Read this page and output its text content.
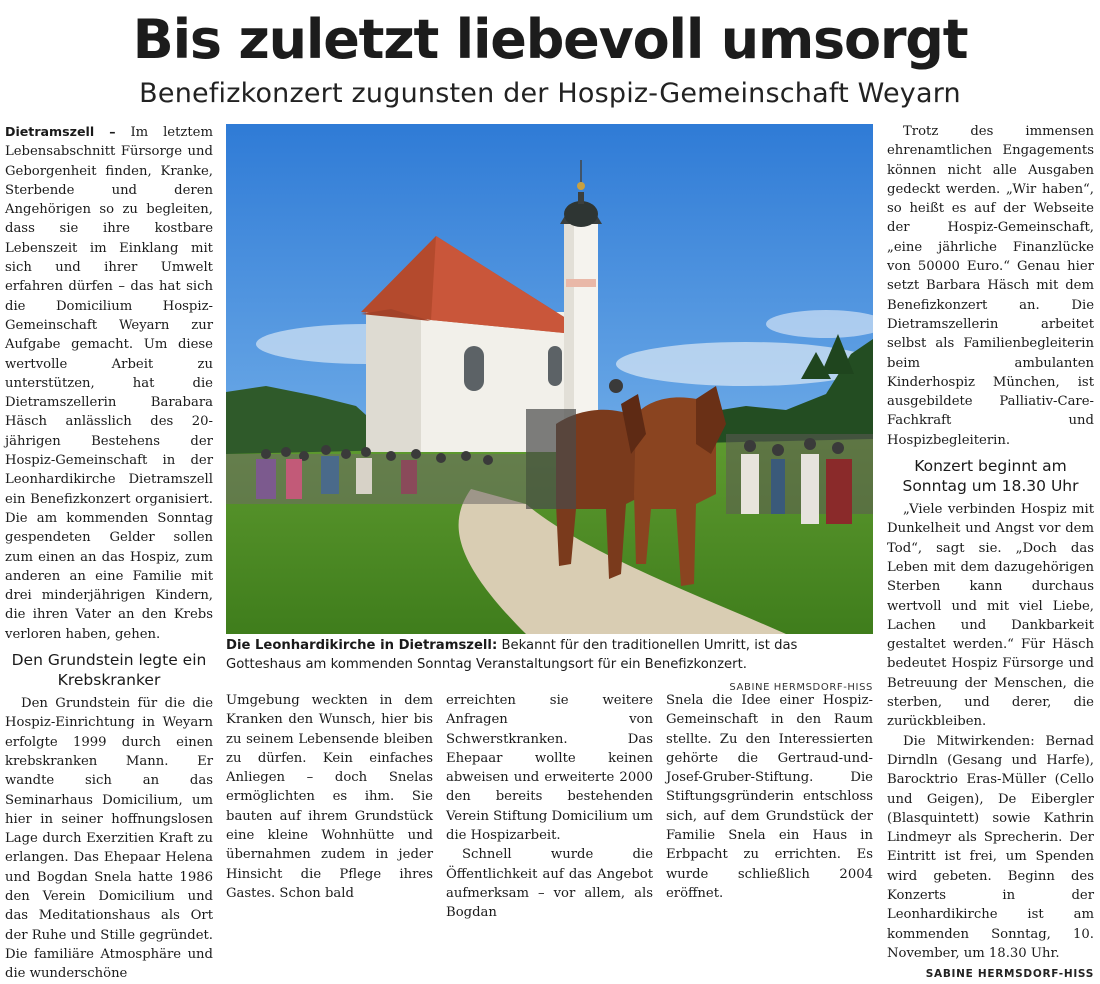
Bis zuletzt liebevoll umsorgt
Benefizkonzert zugunsten der Hospiz-Gemeinschaft Weyarn

Dietramszell – Im letztem Lebensabschnitt Fürsorge und Geborgenheit finden, Kranke, Sterbende und deren Angehörigen so zu begleiten, dass sie ihre kostbare Lebenszeit im Einklang mit sich und ihrer Umwelt erfahren dürfen – das hat sich die Domicilium Hospiz-Gemeinschaft Weyarn zur Aufgabe gemacht. Um diese wertvolle Arbeit zu unterstützen, hat die Dietramszellerin Barabara Häsch anlässlich des 20-jährigen Bestehens der Hospiz-Gemeinschaft in der Leonhardikirche Dietramszell ein Benefizkonzert organisiert. Die am kommenden Sonntag gespendeten Gelder sollen zum einen an das Hospiz, zum anderen an eine Familie mit drei minderjährigen Kindern, die ihren Vater an den Krebs verloren haben, gehen.

Den Grundstein legte ein Krebskranker

Den Grundstein für die die Hospiz-Einrichtung in Weyarn erfolgte 1999 durch einen krebskranken Mann. Er wandte sich an das Seminarhaus Domicilium, um hier in seiner hoffnungslosen Lage durch Exerzitien Kraft zu erlangen. Das Ehepaar Helena und Bogdan Snela hatte 1986 den Verein Domicilium und das Meditationshaus als Ort der Ruhe und Stille gegründet. Die familiäre Atmosphäre und die wunderschöne

Die Leonhardikirche in Dietramszell: Bekannt für den traditionellen Umritt, ist das Gotteshaus am kommenden Sonntag Veranstaltungsort für ein Benefizkonzert.
SABINE HERMSDORF-HISS

Umgebung weckten in dem Kranken den Wunsch, hier bis zu seinem Lebensende bleiben zu dürfen. Kein einfaches Anliegen – doch Snelas ermöglichten es ihm. Sie bauten auf ihrem Grundstück eine kleine Wohnhütte und übernahmen zudem in jeder Hinsicht die Pflege ihres Gastes. Schon bald

erreichten sie weitere Anfragen von Schwerstkranken. Das Ehepaar wollte keinen abweisen und erweiterte 2000 den bereits bestehenden Verein Stiftung Domicilium um die Hospizarbeit.

Schnell wurde die Öffentlichkeit auf das Angebot aufmerksam – vor allem, als Bogdan

Snela die Idee einer Hospiz-Gemeinschaft in den Raum stellte. Zu den Interessierten gehörte die Gertraud-und-Josef-Gruber-Stiftung. Die Stiftungsgründerin entschloss sich, auf dem Grundstück der Familie Snela ein Haus in Erbpacht zu errichten. Es wurde schließlich 2004 eröffnet.

Trotz des immensen ehrenamtlichen Engagements können nicht alle Ausgaben gedeckt werden. „Wir haben“, so heißt es auf der Webseite der Hospiz-Gemeinschaft, „eine jährliche Finanzlücke von 50000 Euro.“ Genau hier setzt Barbara Häsch mit dem Benefizkonzert an. Die Dietramszellerin arbeitet selbst als Familienbegleiterin beim ambulanten Kinderhospiz München, ist ausgebildete Palliativ-Care-Fachkraft und Hospizbegleiterin.

Konzert beginnt am Sonntag um 18.30 Uhr

„Viele verbinden Hospiz mit Dunkelheit und Angst vor dem Tod“, sagt sie. „Doch das Leben mit dem dazugehörigen Sterben kann durchaus wertvoll und mit viel Liebe, Lachen und Dankbarkeit gestaltet werden.“ Für Häsch bedeutet Hospiz Fürsorge und Betreuung der Menschen, die sterben, und derer, die zurückbleiben.

Die Mitwirkenden: Bernad Dirndln (Gesang und Harfe), Barocktrio Eras-Müller (Cello und Geigen), De Eibergler (Blasquintett) sowie Kathrin Lindmeyr als Sprecherin. Der Eintritt ist frei, um Spenden wird gebeten. Beginn des Konzerts in der Leonhardikirche ist am kommenden Sonntag, 10. November, um 18.30 Uhr.

SABINE HERMSDORF-HISS
